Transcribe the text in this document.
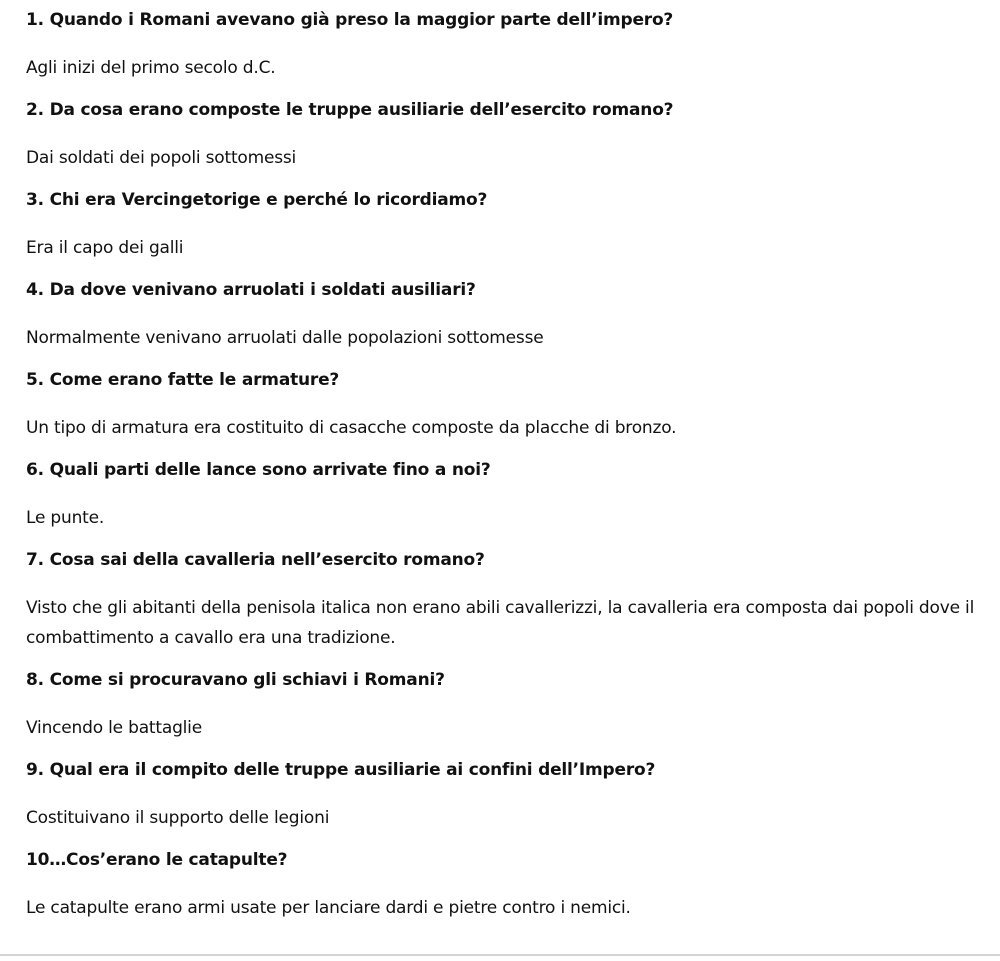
1. Quando i Romani avevano già preso la maggior parte dell’impero?

Agli inizi del primo secolo d.C.

2. Da cosa erano composte le truppe ausiliarie dell’esercito romano?

Dai soldati dei popoli sottomessi

3. Chi era Vercingetorige e perché lo ricordiamo?

Era il capo dei galli

4. Da dove venivano arruolati i soldati ausiliari?

Normalmente venivano arruolati dalle popolazioni sottomesse

5. Come erano fatte le armature?

Un tipo di armatura era costituito di casacche composte da placche di bronzo.

6. Quali parti delle lance sono arrivate fino a noi?

Le punte.

7. Cosa sai della cavalleria nell’esercito romano?

Visto che gli abitanti della penisola italica non erano abili cavallerizzi, la cavalleria era composta dai popoli dove il combattimento a cavallo era una tradizione.

8. Come si procuravano gli schiavi i Romani?

Vincendo le battaglie

9. Qual era il compito delle truppe ausiliarie ai confini dell’Impero?

Costituivano il supporto delle legioni

10…Cos’erano le catapulte?

Le catapulte erano armi usate per lanciare dardi e pietre contro i nemici.
